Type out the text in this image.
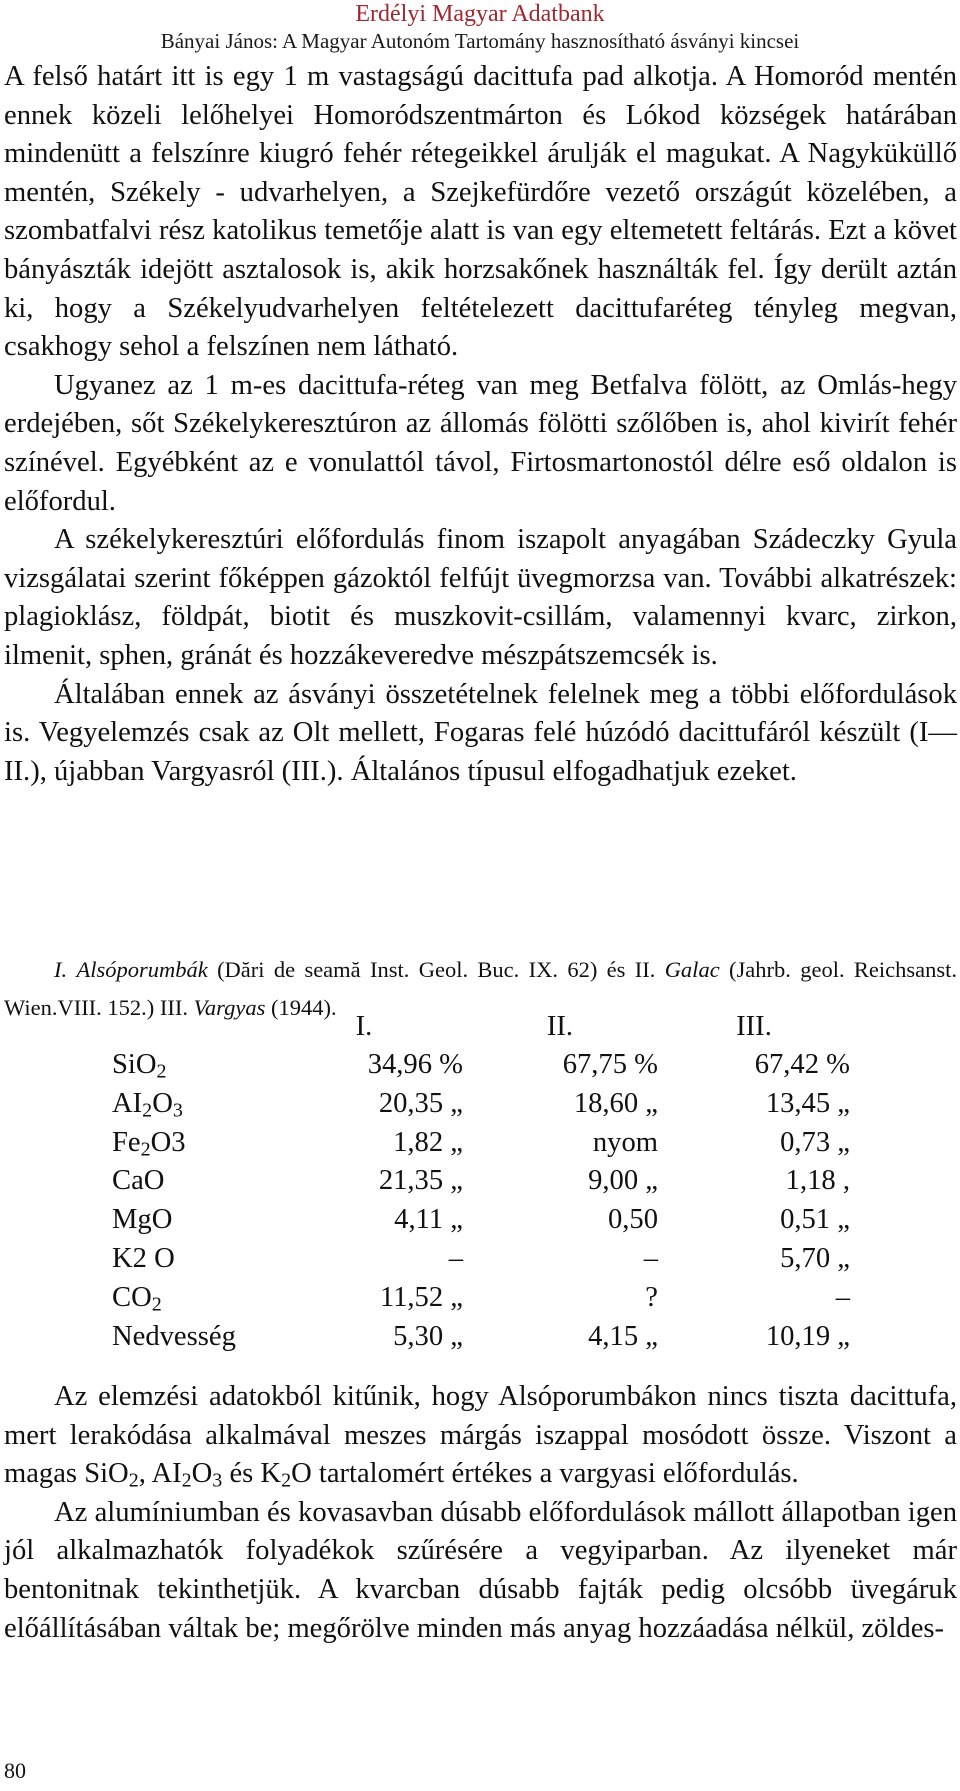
Erdélyi Magyar Adatbank
Bányai János: A Magyar Autonóm Tartomány hasznosítható ásványi kincsei

A felső határt itt is egy 1 m vastagságú dacittufa pad alkotja. A Homoród mentén ennek közeli lelőhelyei Homoródszentmárton és Lókod községek határában mindenütt a felszínre kiugró fehér rétegeikkel árulják el magukat. A Nagyküküllő mentén, Székely - udvarhelyen, a Szejkefürdőre vezető országút közelében, a szombatfalvi rész katolikus temetője alatt is van egy eltemetett feltárás. Ezt a követ bányászták idejött asztalosok is, akik horzsakőnek használták fel. Így derült aztán ki, hogy a Székelyudvarhelyen feltételezett dacittufaréteg tényleg megvan, csakhogy sehol a felszínen nem látható.

Ugyanez az 1 m-es dacittufa-réteg van meg Betfalva fölött, az Omlás-hegy erdejében, sőt Székelykeresztúron az állomás fölötti szőlőben is, ahol kivirít fehér színével. Egyébként az e vonulattól távol, Firtosmartonostól délre eső oldalon is előfordul.

A székelykeresztúri előfordulás finom iszapolt anyagában Szádeczky Gyula vizsgálatai szerint főképpen gázoktól felfújt üvegmorzsa van. További alkatrészek: plagioklász, földpát, biotit és muszkovit-csillám, valamennyi kvarc, zirkon, ilmenit, sphen, gránát és hozzákeveredve mészpátszemcsék is.

Általában ennek az ásványi összetételnek felelnek meg a többi előfordulások is. Vegyelemzés csak az Olt mellett, Fogaras felé húzódó dacittufáról készült (I—II.), újabban Vargyasról (III.). Általános típusul elfogadhatjuk ezeket.

I. Alsóporumbák (Dări de seamă Inst. Geol. Buc. IX. 62) és II. Galac (Jahrb. geol. Reichsanst. Wien.VIII. 152.) III. Vargyas (1944).

I.	II.	III.
SiO$_2$	34,96 %	67,75 %	67,42 %
$AI_2O_3$	20,35 „	18,60 „	13,45 „
$Fe_2O3$	1,82 „	nyom	0,73 „
CaO	21,35 „	9,00 „	1,18 ,
MgO	4,11 „	0,50	0,51 „
K2 O	–	–	5,70 „
$CO_2$	11,52 „	?	–
Nedvesség	5,30 „	4,15 „	10,19 „

Az elemzési adatokból kitűnik, hogy Alsóporumbákon nincs tiszta dacittufa, mert lerakódása alkalmával meszes márgás iszappal mosódott össze. Viszont a magas SiO$_2$, $AI_2O_3$ és $K_2O$ tartalomért értékes a vargyasi előfordulás.

Az alumíniumban és kovasavban dúsabb előfordulások mállott állapotban igen jól alkalmazhatók folyadékok szűrésére a vegyiparban. Az ilyeneket már bentonitnak tekinthetjük. A kvarcban dúsabb fajták pedig olcsóbb üvegáruk előállításában váltak be; megőrölve minden más anyag hozzáadása nélkül, zöldes-

80
